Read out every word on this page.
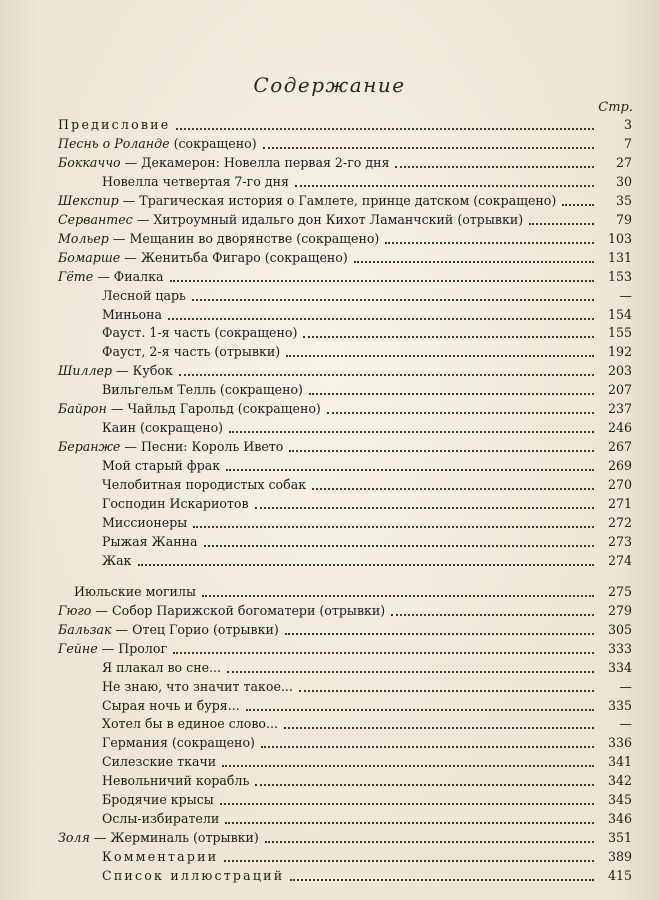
Содержание
Стр.
Предисловие	3
Песнь о Роланде (сокращено)	7
Боккаччо — Декамерон: Новелла первая 2-го дня	27
Новелла четвертая 7-го дня	30
Шекспир — Трагическая история о Гамлете, принце датском (сокращено)	35
Сервантес — Хитроумный идальго дон Кихот Ламанчский (отрывки)	79
Мольер — Мещанин во дворянстве (сокращено)	103
Бомарше — Женитьба Фигаро (сокращено)	131
Гёте — Фиалка	153
Лесной царь	—
Миньона	154
Фауст. 1-я часть (сокращено)	155
Фауст, 2-я часть (отрывки)	192
Шиллер — Кубок	203
Вильгельм Телль (сокращено)	207
Байрон — Чайльд Гарольд (сокращено)	237
Каин (сокращено)	246
Беранже — Песни: Король Ивето	267
Мой старый фрак	269
Челобитная породистых собак	270
Господин Искариотов	271
Миссионеры	272
Рыжая Жанна	273
Жак	274
Июльские могилы	275
Гюго — Собор Парижской богоматери (отрывки)	279
Бальзак — Отец Горио (отрывки)	305
Гейне — Пролог	333
Я плакал во сне...	334
Не знаю, что значит такое...	—
Сырая ночь и буря...	335
Хотел бы в единое слово...	—
Германия (сокращено)	336
Силезские ткачи	341
Невольничий корабль	342
Бродячие крысы	345
Ослы-избиратели	346
Золя — Жерминаль (отрывки)	351
Комментарии	389
Список иллюстраций	415
